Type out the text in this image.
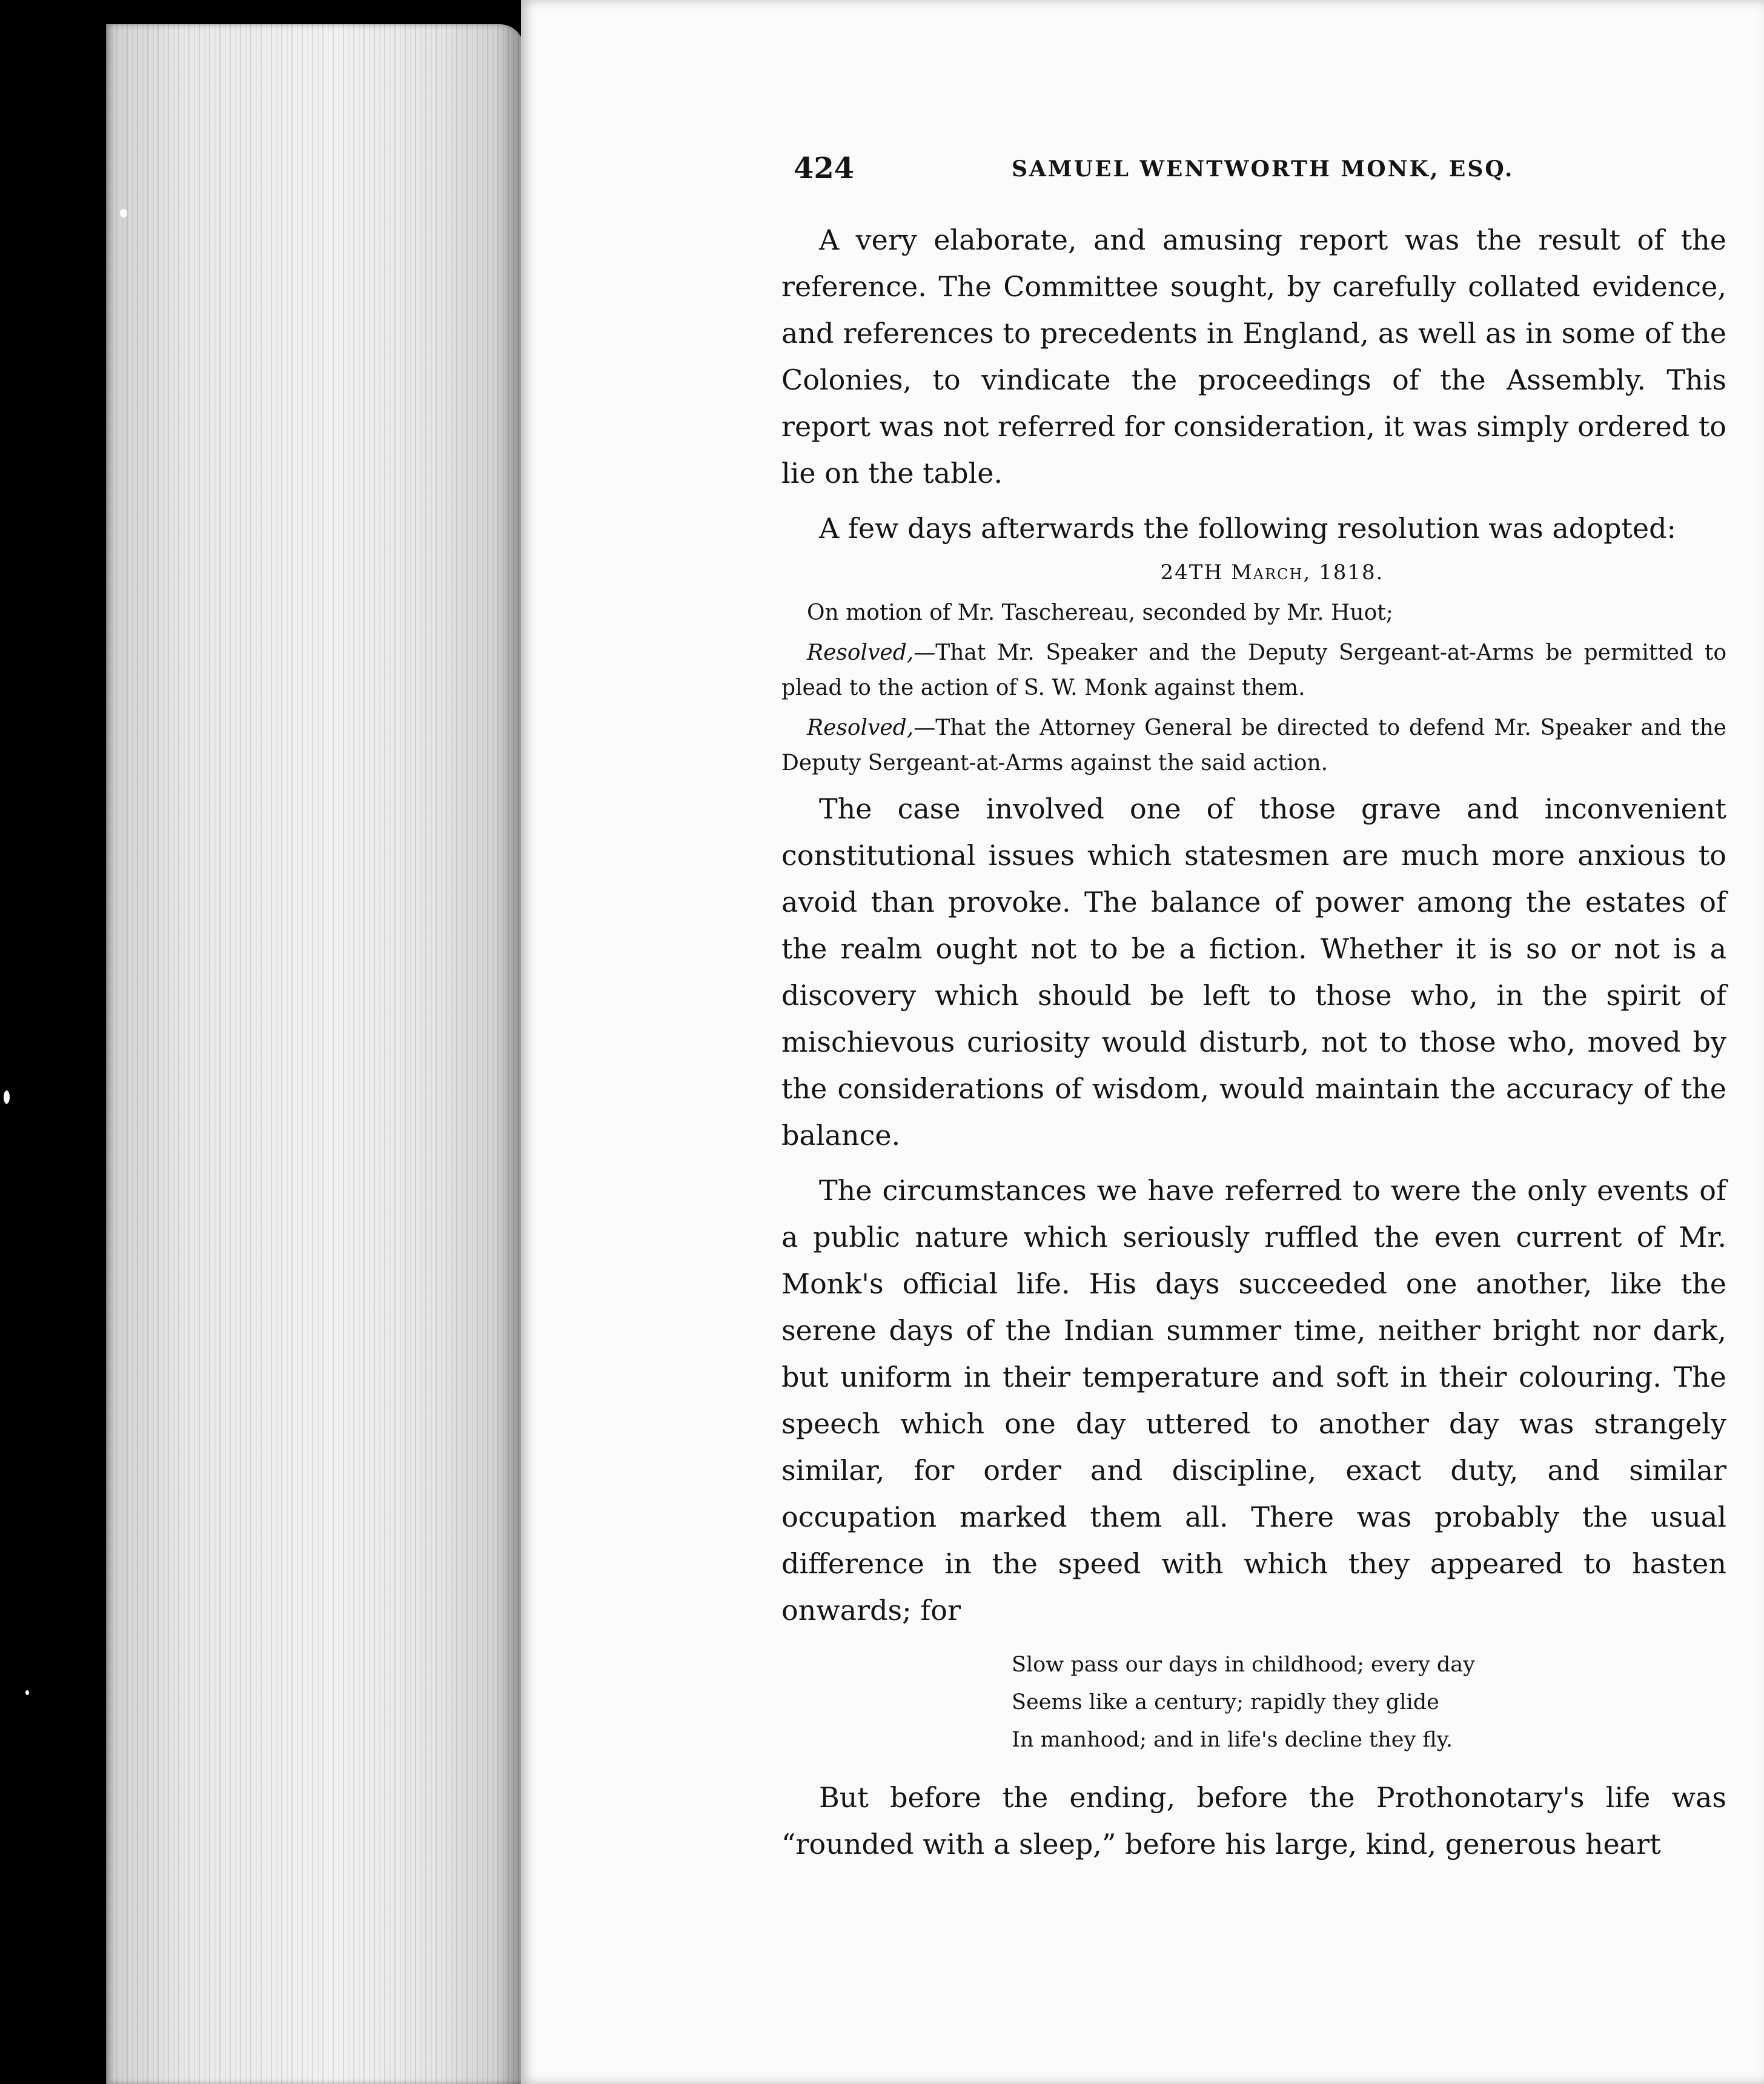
424	SAMUEL WENTWORTH MONK, ESQ.

A very elaborate, and amusing report was the result of the reference. The Committee sought, by carefully collated evidence, and references to precedents in England, as well as in some of the Colonies, to vindicate the proceedings of the Assembly. This report was not referred for consideration, it was simply ordered to lie on the table.

A few days afterwards the following resolution was adopted:

24TH March, 1818.

On motion of Mr. Taschereau, seconded by Mr. Huot;

Resolved,—That Mr. Speaker and the Deputy Sergeant-at-Arms be permitted to plead to the action of S. W. Monk against them.

Resolved,—That the Attorney General be directed to defend Mr. Speaker and the Deputy Sergeant-at-Arms against the said action.

The case involved one of those grave and inconvenient constitutional issues which statesmen are much more anxious to avoid than provoke. The balance of power among the estates of the realm ought not to be a fiction. Whether it is so or not is a discovery which should be left to those who, in the spirit of mischievous curiosity would disturb, not to those who, moved by the considerations of wisdom, would maintain the accuracy of the balance.

The circumstances we have referred to were the only events of a public nature which seriously ruffled the even current of Mr. Monk's official life. His days succeeded one another, like the serene days of the Indian summer time, neither bright nor dark, but uniform in their temperature and soft in their colouring. The speech which one day uttered to another day was strangely similar, for order and discipline, exact duty, and similar occupation marked them all. There was probably the usual difference in the speed with which they appeared to hasten onwards; for

Slow pass our days in childhood; every day
Seems like a century; rapidly they glide
In manhood; and in life's decline they fly.

But before the ending, before the Prothonotary's life was “rounded with a sleep,” before his large, kind, generous heart
